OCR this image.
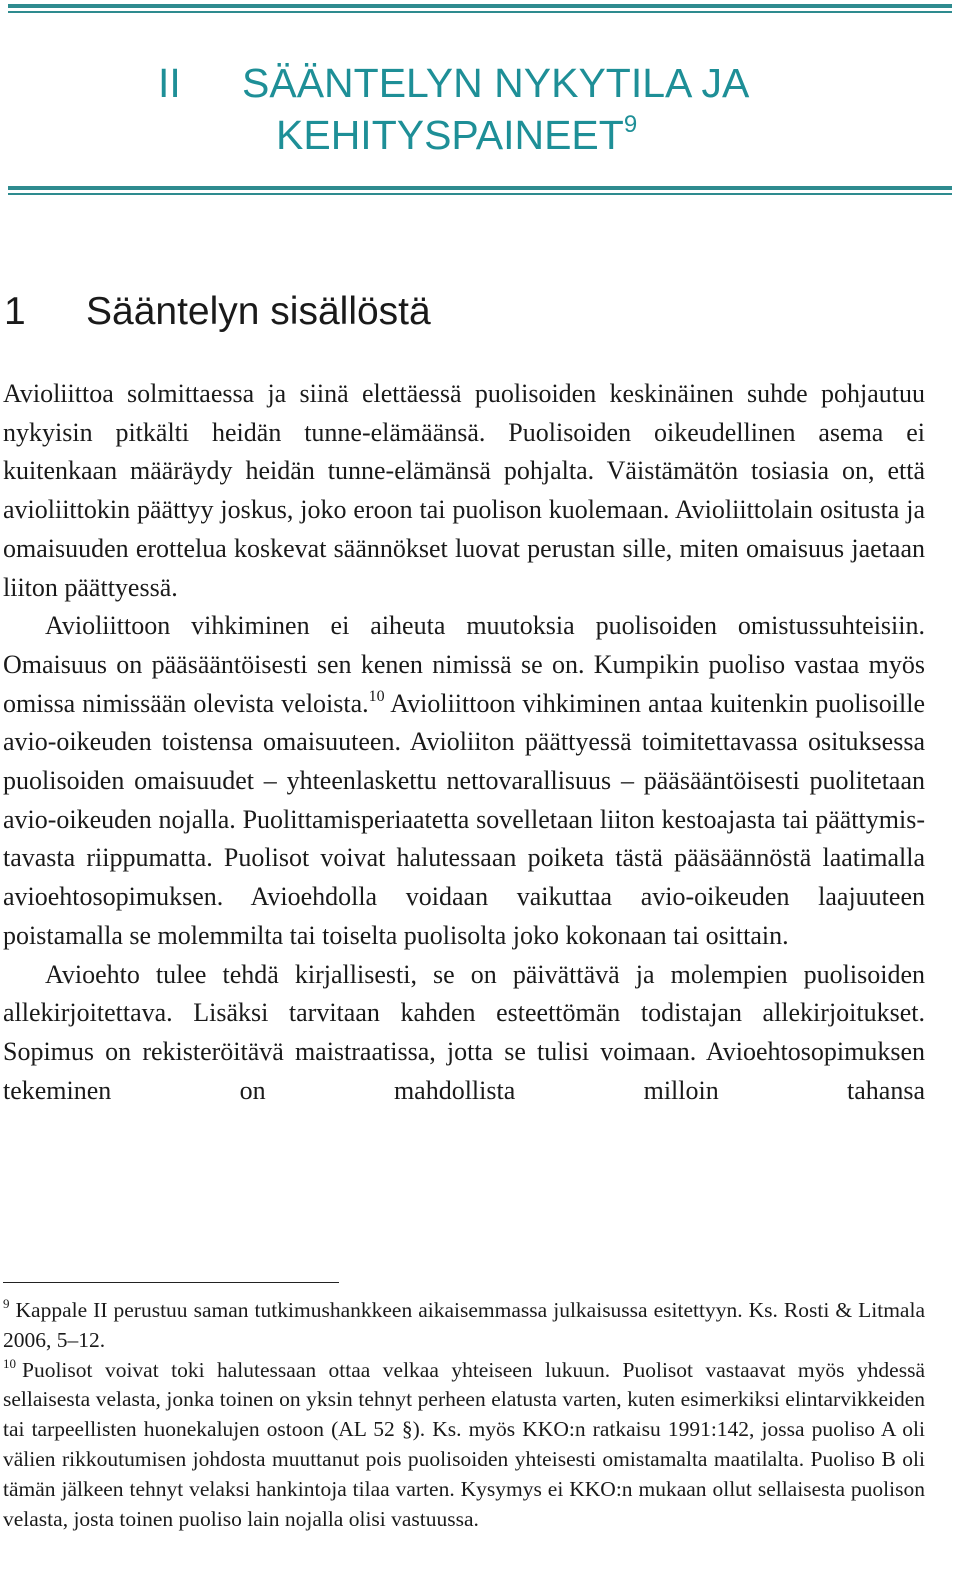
II SÄÄNTELYN NYKYTILA JA
KEHITYSPAINEET$^9$
1 Sääntelyn sisällöstä

Avioliittoa solmittaessa ja siinä elettäessä puolisoiden keskinäinen suhde pohjautuu nykyisin pitkälti heidän tunne-elämäänsä. Puolisoiden oikeudellinen asema ei kuitenkaan määräydy heidän tunne-elämänsä pohjalta. Väistämätön tosiasia on, että avioliittokin päättyy joskus, joko eroon tai puolison kuolemaan. Avioliittolain ositusta ja omaisuuden erottelua koskevat säännökset luovat perustan sille, miten omaisuus jaetaan liiton päättyessä.

Avioliittoon vihkiminen ei aiheuta muutoksia puolisoiden omistussuhteisiin. Omaisuus on pääsääntöisesti sen kenen nimissä se on. Kumpikin puoliso vastaa myös omissa nimissään olevista veloista.$^{10}$ Avioliittoon vihkiminen antaa kuitenkin puolisoille avio-oikeuden toistensa omaisuuteen. Avioliiton päättyessä toimitettavassa osituksessa puolisoiden omaisuudet – yhteenlaskettu nettovarallisuus – pääsääntöisesti puolitetaan avio-oikeuden nojalla. Puolittamisperiaatetta sovelletaan liiton kestoajasta tai päättymistavasta riippumatta. Puolisot voivat halutessaan poiketa tästä pääsäännöstä laatimalla avioehtosopimuksen. Avioehdolla voidaan vaikuttaa avio-oikeuden laajuuteen poistamalla se molemmilta tai toiselta puolisolta joko kokonaan tai osittain.

Avioehto tulee tehdä kirjallisesti, se on päivättävä ja molempien puolisoiden allekirjoitettava. Lisäksi tarvitaan kahden esteettömän todistajan allekirjoitukset. Sopimus on rekisteröitävä maistraatissa, jotta se tulisi voimaan. Avioehtosopimuksen tekeminen on mahdollista milloin tahansa

$^9$ Kappale II perustuu saman tutkimushankkeen aikaisemmassa julkaisussa esitettyyn. Ks. Rosti & Litmala 2006, 5–12.

$^{10}$ Puolisot voivat toki halutessaan ottaa velkaa yhteiseen lukuun. Puolisot vastaavat myös yhdessä sellaisesta velasta, jonka toinen on yksin tehnyt perheen elatusta varten, kuten esimerkiksi elintarvikkeiden tai tarpeellisten huonekalujen ostoon (AL 52 §). Ks. myös KKO:n ratkaisu 1991:142, jossa puoliso A oli välien rikkoutumisen johdosta muuttanut pois puolisoiden yhteisesti omistamalta maatilalta. Puoliso B oli tämän jälkeen tehnyt velaksi hankintoja tilaa varten. Kysymys ei KKO:n mukaan ollut sellaisesta puolison velasta, josta toinen puoliso lain nojalla olisi vastuussa.
